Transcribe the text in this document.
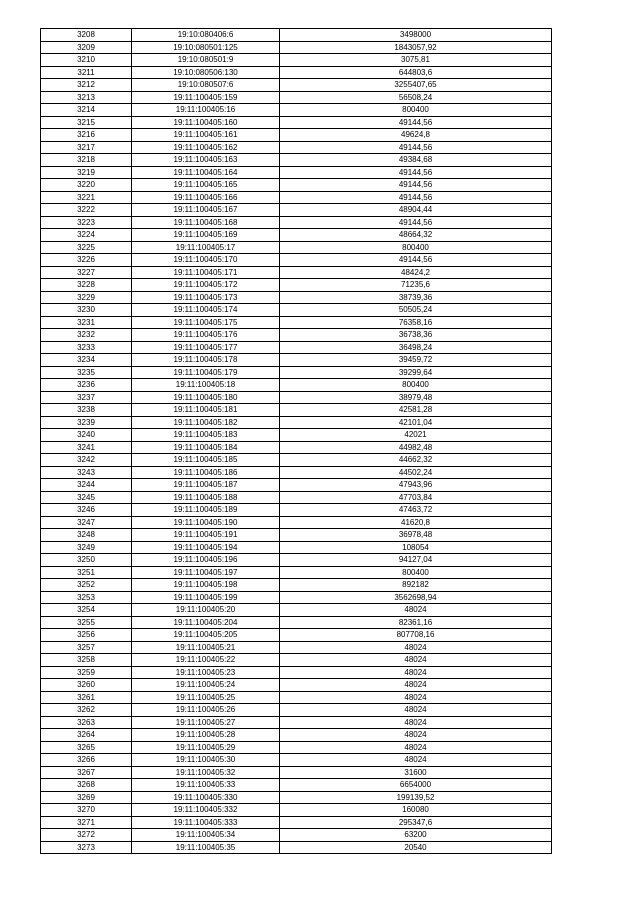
3208	19:10:080406:6	3498000
3209	19:10:080501:125	1843057,92
3210	19:10:080501:9	3075,81
3211	19:10:080506:130	644803,6
3212	19:10:080507:6	3255407,65
3213	19:11:100405:159	56508,24
3214	19:11:100405:16	800400
3215	19:11:100405:160	49144,56
3216	19:11:100405:161	49624,8
3217	19:11:100405:162	49144,56
3218	19:11:100405:163	49384,68
3219	19:11:100405:164	49144,56
3220	19:11:100405:165	49144,56
3221	19:11:100405:166	49144,56
3222	19:11:100405:167	48904,44
3223	19:11:100405:168	49144,56
3224	19:11:100405:169	48664,32
3225	19:11:100405:17	800400
3226	19:11:100405:170	49144,56
3227	19:11:100405:171	48424,2
3228	19:11:100405:172	71235,6
3229	19:11:100405:173	38739,36
3230	19:11:100405:174	50505,24
3231	19:11:100405:175	76358,16
3232	19:11:100405:176	36738,36
3233	19:11:100405:177	36498,24
3234	19:11:100405:178	39459,72
3235	19:11:100405:179	39299,64
3236	19:11:100405:18	800400
3237	19:11:100405:180	38979,48
3238	19:11:100405:181	42581,28
3239	19:11:100405:182	42101,04
3240	19:11:100405:183	42021
3241	19:11:100405:184	44982,48
3242	19:11:100405:185	44662,32
3243	19:11:100405:186	44502,24
3244	19:11:100405:187	47943,96
3245	19:11:100405:188	47703,84
3246	19:11:100405:189	47463,72
3247	19:11:100405:190	41620,8
3248	19:11:100405:191	36978,48
3249	19:11:100405:194	108054
3250	19:11:100405:196	94127,04
3251	19:11:100405:197	800400
3252	19:11:100405:198	892182
3253	19:11:100405:199	3562698,94
3254	19:11:100405:20	48024
3255	19:11:100405:204	82361,16
3256	19:11:100405:205	807708,16
3257	19:11:100405:21	48024
3258	19:11:100405:22	48024
3259	19:11:100405:23	48024
3260	19:11:100405:24	48024
3261	19:11:100405:25	48024
3262	19:11:100405:26	48024
3263	19:11:100405:27	48024
3264	19:11:100405:28	48024
3265	19:11:100405:29	48024
3266	19:11:100405:30	48024
3267	19:11:100405:32	31600
3268	19:11:100405:33	6654000
3269	19:11:100405:330	199139,52
3270	19:11:100405:332	160080
3271	19:11:100405:333	295347,6
3272	19:11:100405:34	63200
3273	19:11:100405:35	20540
